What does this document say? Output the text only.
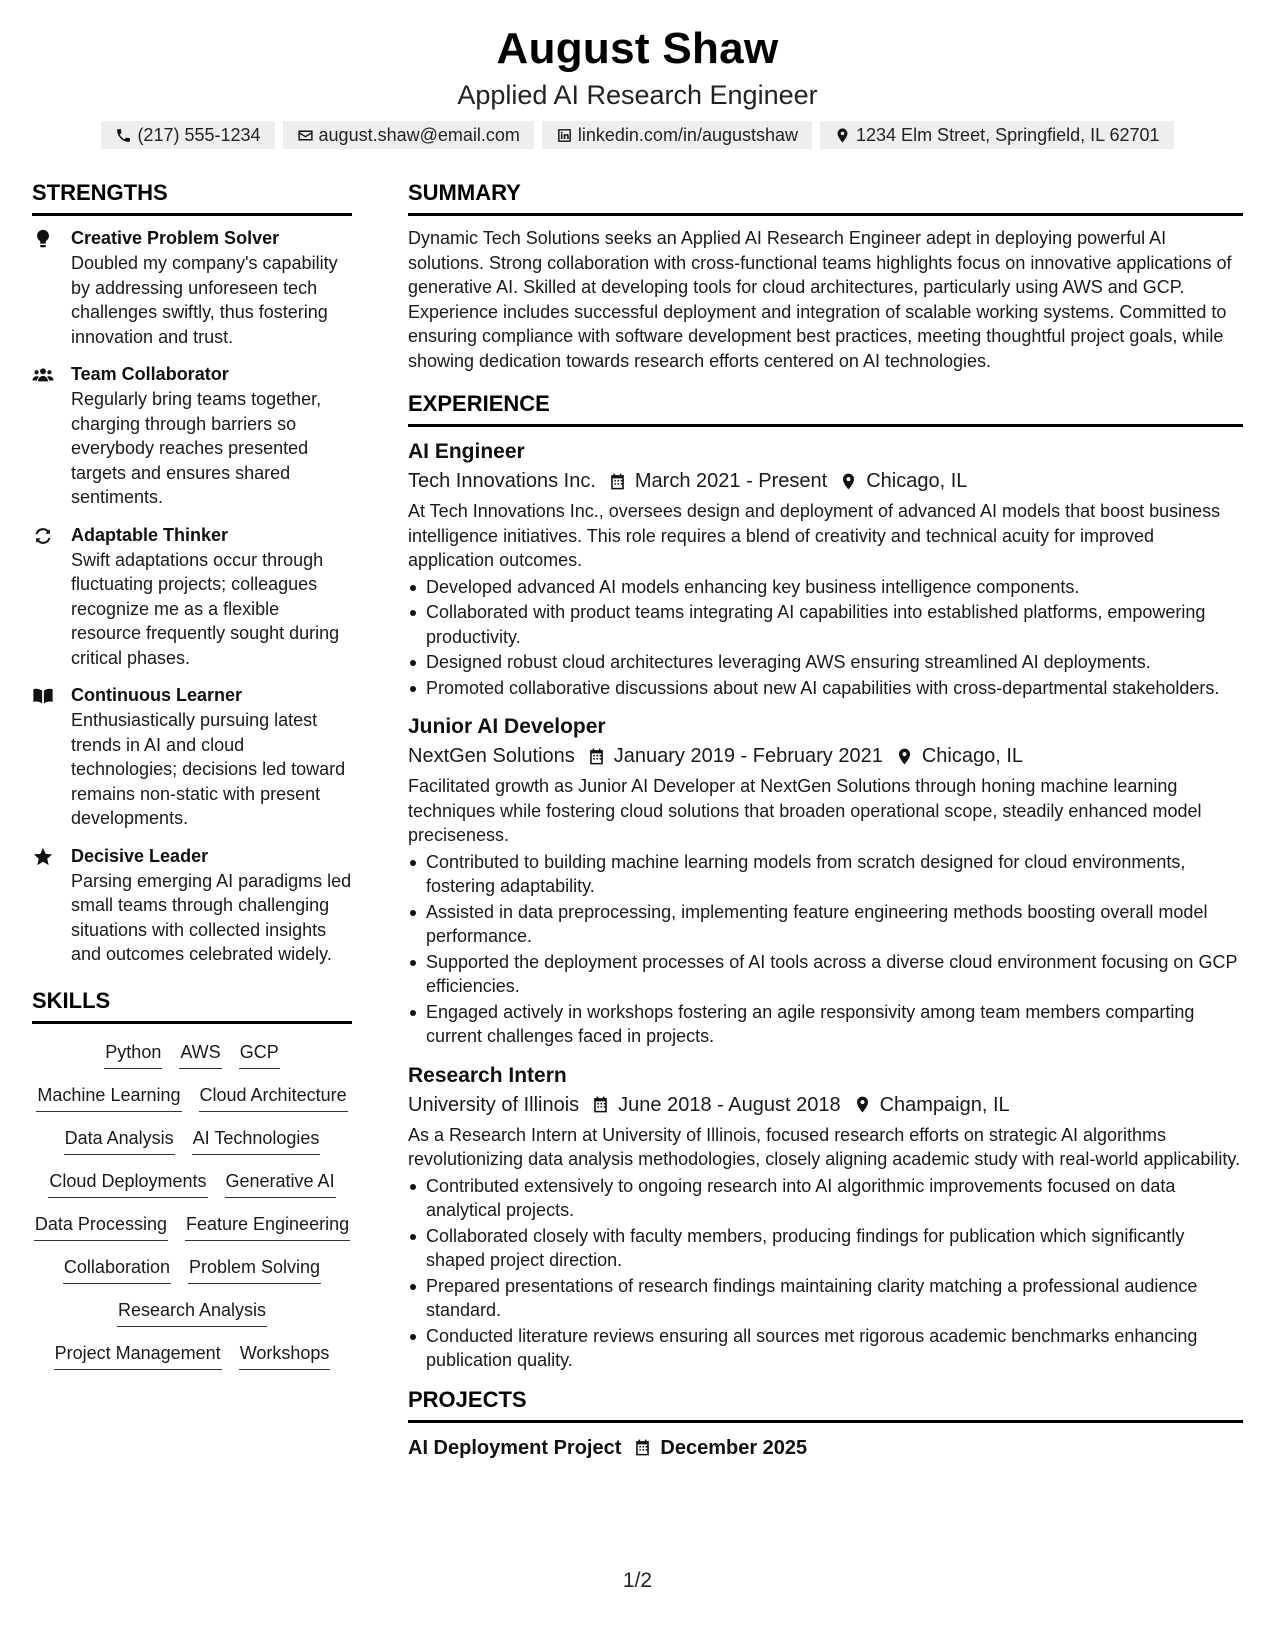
August Shaw
Applied AI Research Engineer
(217) 555-1234	august.shaw@email.com	linkedin.com/in/augustshaw	1234 Elm Street, Springfield, IL 62701
STRENGTHS
Creative Problem Solver
Doubled my company's capability by addressing unforeseen tech challenges swiftly, thus fostering innovation and trust.
Team Collaborator
Regularly bring teams together, charging through barriers so everybody reaches presented targets and ensures shared sentiments.
Adaptable Thinker
Swift adaptations occur through fluctuating projects; colleagues recognize me as a flexible resource frequently sought during critical phases.
Continuous Learner
Enthusiastically pursuing latest trends in AI and cloud technologies; decisions led toward remains non-static with present developments.
Decisive Leader
Parsing emerging AI paradigms led small teams through challenging situations with collected insights and outcomes celebrated widely.
SKILLS
Python AWS GCP
Machine Learning Cloud Architecture
Data Analysis AI Technologies
Cloud Deployments Generative AI
Data Processing Feature Engineering
Collaboration Problem Solving
Research Analysis
Project Management Workshops
SUMMARY
Dynamic Tech Solutions seeks an Applied AI Research Engineer adept in deploying powerful AI solutions. Strong collaboration with cross-functional teams highlights focus on innovative applications of generative AI. Skilled at developing tools for cloud architectures, particularly using AWS and GCP. Experience includes successful deployment and integration of scalable working systems. Committed to ensuring compliance with software development best practices, meeting thoughtful project goals, while showing dedication towards research efforts centered on AI technologies.
EXPERIENCE
AI Engineer
Tech Innovations Inc. March 2021 - Present Chicago, IL
At Tech Innovations Inc., oversees design and deployment of advanced AI models that boost business intelligence initiatives. This role requires a blend of creativity and technical acuity for improved application outcomes.
Developed advanced AI models enhancing key business intelligence components.
Collaborated with product teams integrating AI capabilities into established platforms, empowering productivity.
Designed robust cloud architectures leveraging AWS ensuring streamlined AI deployments.
Promoted collaborative discussions about new AI capabilities with cross-departmental stakeholders.
Junior AI Developer
NextGen Solutions January 2019 - February 2021 Chicago, IL
Facilitated growth as Junior AI Developer at NextGen Solutions through honing machine learning techniques while fostering cloud solutions that broaden operational scope, steadily enhanced model preciseness.
Contributed to building machine learning models from scratch designed for cloud environments, fostering adaptability.
Assisted in data preprocessing, implementing feature engineering methods boosting overall model performance.
Supported the deployment processes of AI tools across a diverse cloud environment focusing on GCP efficiencies.
Engaged actively in workshops fostering an agile responsivity among team members comparting current challenges faced in projects.
Research Intern
University of Illinois June 2018 - August 2018 Champaign, IL
As a Research Intern at University of Illinois, focused research efforts on strategic AI algorithms revolutionizing data analysis methodologies, closely aligning academic study with real-world applicability.
Contributed extensively to ongoing research into AI algorithmic improvements focused on data analytical projects.
Collaborated closely with faculty members, producing findings for publication which significantly shaped project direction.
Prepared presentations of research findings maintaining clarity matching a professional audience standard.
Conducted literature reviews ensuring all sources met rigorous academic benchmarks enhancing publication quality.
PROJECTS
AI Deployment Project December 2025
1/2
